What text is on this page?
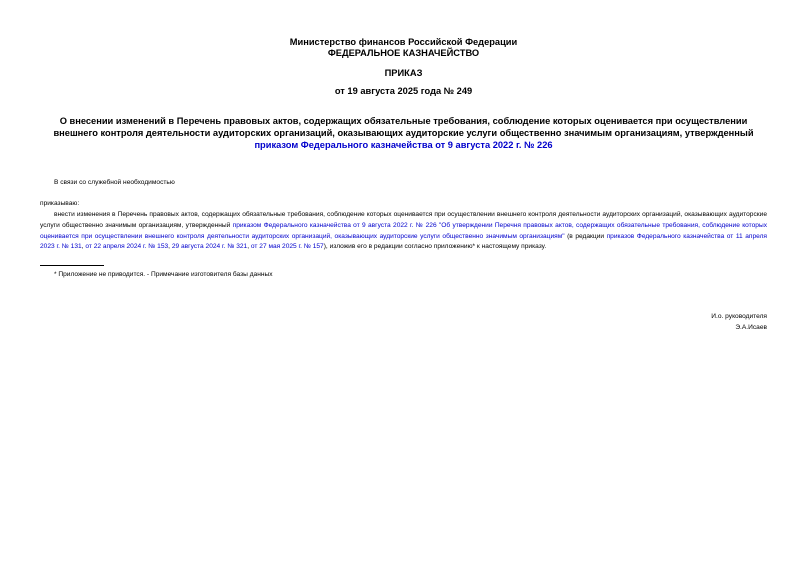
Министерство финансов Российской Федерации
ФЕДЕРАЛЬНОЕ КАЗНАЧЕЙСТВО
ПРИКАЗ
от 19 августа 2025 года № 249
О внесении изменений в Перечень правовых актов, содержащих обязательные требования, соблюдение которых оценивается при осуществлении внешнего контроля деятельности аудиторских организаций, оказывающих аудиторские услуги общественно значимым организациям, утвержденный приказом Федерального казначейства от 9 августа 2022 г. № 226
В связи со служебной необходимостью
приказываю:
внести изменения в Перечень правовых актов, содержащих обязательные требования, соблюдение которых оценивается при осуществлении внешнего контроля деятельности аудиторских организаций, оказывающих аудиторские услуги общественно значимым организациям, утвержденный приказом Федерального казначейства от 9 августа 2022 г. № 226 "Об утверждении Перечня правовых актов, содержащих обязательные требования, соблюдение которых оценивается при осуществлении внешнего контроля деятельности аудиторских организаций, оказывающих аудиторские услуги общественно значимым организациям" (в редакции приказов Федерального казначейства от 11 апреля 2023 г. № 131, от 22 апреля 2024 г. № 153, 29 августа 2024 г. № 321, от 27 мая 2025 г. № 157), изложив его в редакции согласно приложению* к настоящему приказу.
* Приложение не приводится. - Примечание изготовителя базы данных
И.о. руководителя
Э.А.Исаев
